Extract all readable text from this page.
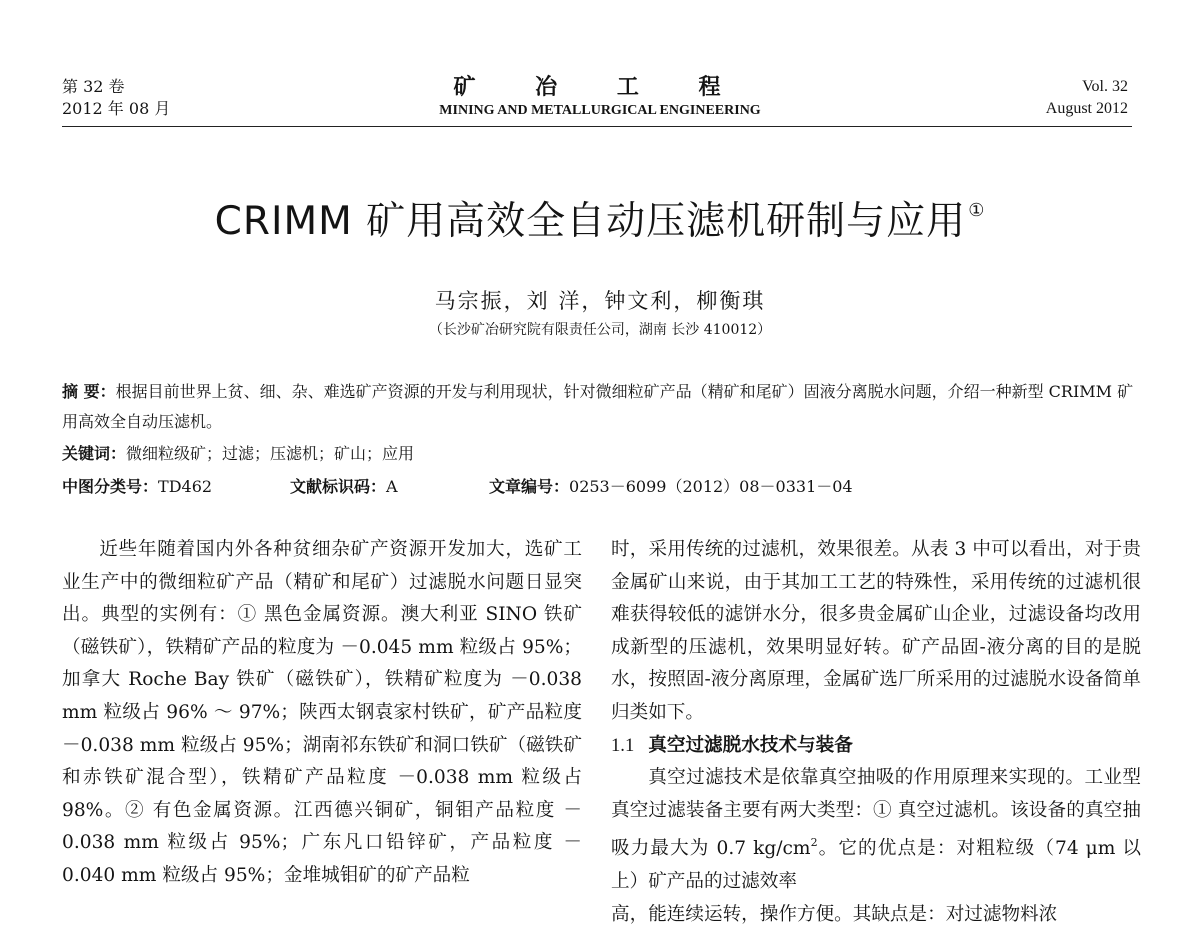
第 32 卷
2012 年 08 月
矿 冶 工 程
MINING AND METALLURGICAL ENGINEERING
Vol. 32
August 2012
CRIMM 矿用高效全自动压滤机研制与应用 ①
马宗振，刘 洋，钟文利，柳衡琪
（长沙矿冶研究院有限责任公司，湖南 长沙 410012）
摘 要：根据目前世界上贫、细、杂、难选矿产资源的开发与利用现状，针对微细粒矿产品（精矿和尾矿）固液分离脱水问题，介绍一种新型 CRIMM 矿用高效全自动压滤机。
关键词：微细粒级矿；过滤；压滤机；矿山；应用
中图分类号：TD462	文献标识码：A	文章编号：0253－6099（2012）08－0331－04

近些年随着国内外各种贫细杂矿产资源开发加大，选矿工业生产中的微细粒矿产品（精矿和尾矿）过滤脱水问题日显突出。典型的实例有：① 黑色金属资源。澳大利亚 SINO 铁矿（磁铁矿），铁精矿产品的粒度为 －0.045 mm 粒级占 95%；加拿大 Roche Bay 铁矿（磁铁矿），铁精矿粒度为 －0.038 mm 粒级占 96% ～ 97%；陕西太钢袁家村铁矿，矿产品粒度 －0.038 mm 粒级占 95%；湖南祁东铁矿和洞口铁矿（磁铁矿和赤铁矿混合型），铁精矿产品粒度 －0.038 mm 粒级占 98%。② 有色金属资源。江西德兴铜矿，铜钼产品粒度 －0.038 mm 粒级占 95%；广东凡口铅锌矿，产品粒度 －0.040 mm 粒级占 95%；金堆城钼矿的矿产品粒

时，采用传统的过滤机，效果很差。从表 3 中可以看出，对于贵金属矿山来说，由于其加工工艺的特殊性，采用传统的过滤机很难获得较低的滤饼水分，很多贵金属矿山企业，过滤设备均改用成新型的压滤机，效果明显好转。矿产品固-液分离的目的是脱水，按照固-液分离原理，金属矿选厂所采用的过滤脱水设备简单归类如下。

1.1 真空过滤脱水技术与装备

真空过滤技术是依靠真空抽吸的作用原理来实现的。工业型真空过滤装备主要有两大类型：① 真空过滤机。该设备的真空抽吸力最大为 0.7 $kg/cm^2$。它的优点是：对粗粒级（74 μm 以上）矿产品的过滤效率

高，能连续运转，操作方便。其缺点是：对过滤物料浓
